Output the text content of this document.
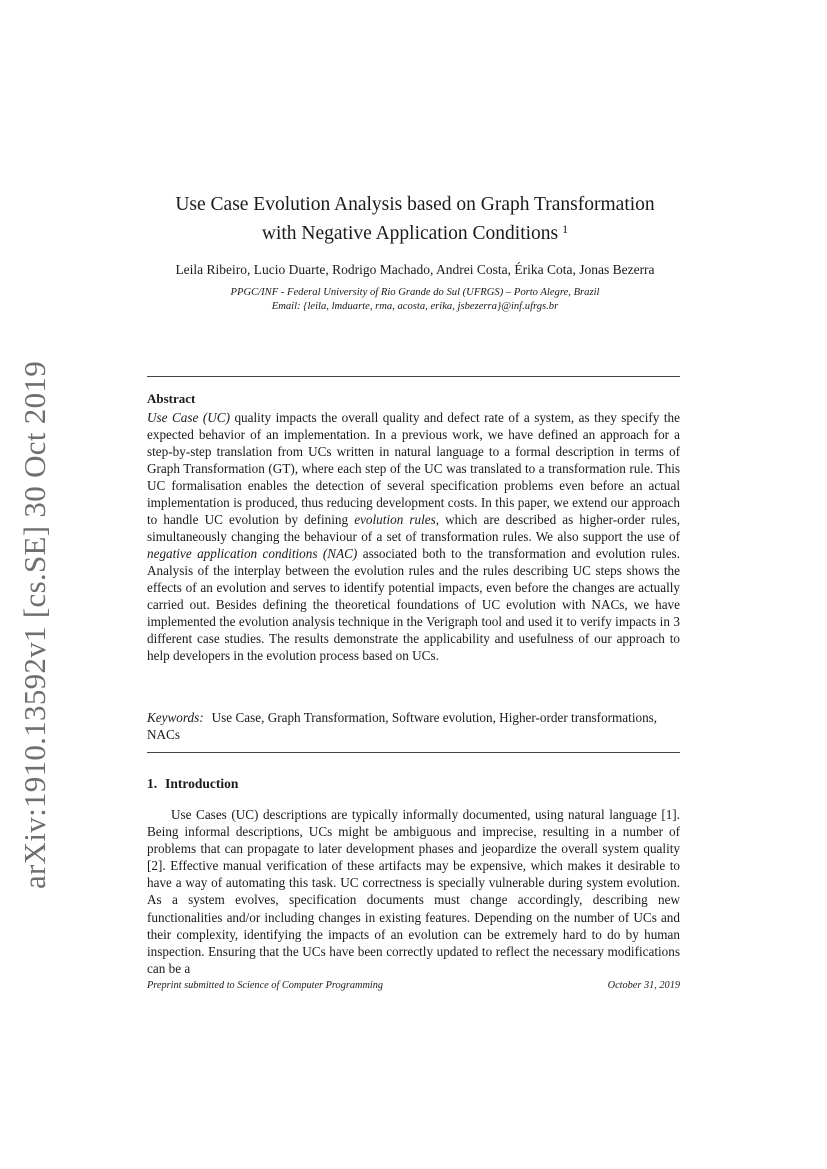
arXiv:1910.13592v1 [cs.SE] 30 Oct 2019
Use Case Evolution Analysis based on Graph Transformation
with Negative Application Conditions $^1$
Leila Ribeiro, Lucio Duarte, Rodrigo Machado, Andrei Costa, Érika Cota, Jonas Bezerra
PPGC/INF - Federal University of Rio Grande do Sul (UFRGS) – Porto Alegre, Brazil
Email: {leila, lmduarte, rma, acosta, erika, jsbezerra}@inf.ufrgs.br
Abstract

Use Case (UC) quality impacts the overall quality and defect rate of a system, as they specify the expected behavior of an implementation. In a previous work, we have defined an approach for a step-by-step translation from UCs written in natural language to a formal description in terms of Graph Transformation (GT), where each step of the UC was translated to a transformation rule. This UC formalisation enables the detection of several specification problems even before an actual implementation is produced, thus reducing development costs. In this paper, we extend our approach to handle UC evolution by defining evolution rules, which are described as higher-order rules, simultaneously changing the behaviour of a set of transformation rules. We also support the use of negative application conditions (NAC) associated both to the transformation and evolution rules. Analysis of the interplay between the evolution rules and the rules describing UC steps shows the effects of an evolution and serves to identify potential impacts, even before the changes are actually carried out. Besides defining the theoretical foundations of UC evolution with NACs, we have implemented the evolution analysis technique in the Verigraph tool and used it to verify impacts in 3 different case studies. The results demonstrate the applicability and usefulness of our approach to help developers in the evolution process based on UCs.

Keywords: Use Case, Graph Transformation, Software evolution, Higher-order transformations, NACs

1. Introduction

Use Cases (UC) descriptions are typically informally documented, using natural language [1]. Being informal descriptions, UCs might be ambiguous and imprecise, resulting in a number of problems that can propagate to later development phases and jeopardize the overall system quality [2]. Effective manual verification of these artifacts may be expensive, which makes it desirable to have a way of automating this task. UC correctness is specially vulnerable during system evolution. As a system evolves, specification documents must change accordingly, describing new functionalities and/or including changes in existing features. Depending on the number of UCs and their complexity, identifying the impacts of an evolution can be extremely hard to do by human inspection. Ensuring that the UCs have been correctly updated to reflect the necessary modifications can be a

Preprint submitted to Science of Computer Programming	October 31, 2019
